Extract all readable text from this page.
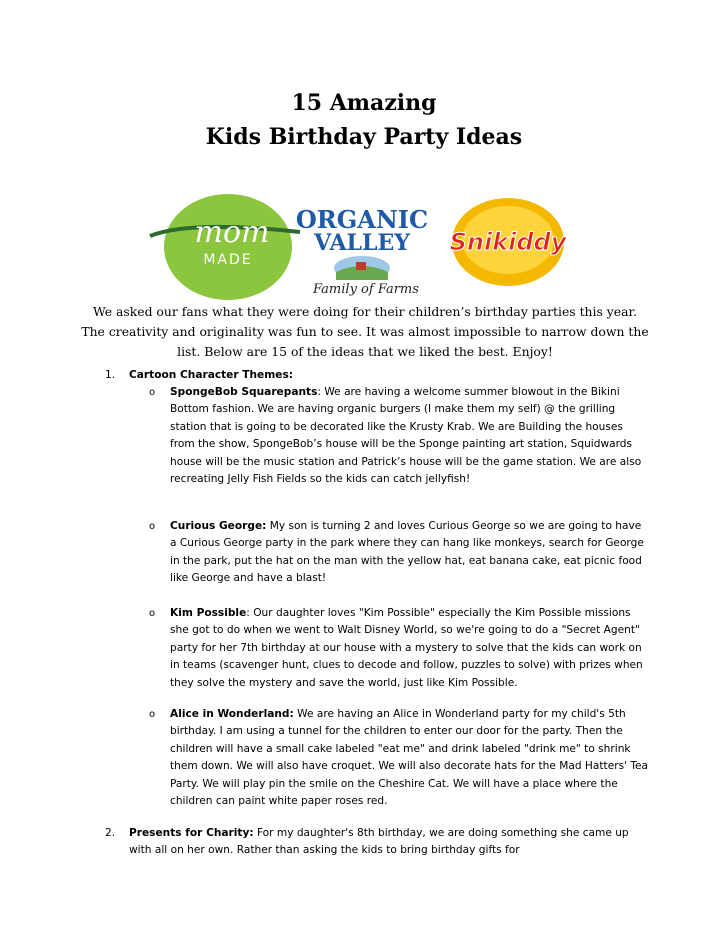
15 Amazing
Kids Birthday Party Ideas
mom
MADE
ORGANIC
VALLEY
Family of Farms
Snikiddy
We asked our fans what they were doing for their children’s birthday parties this year. The creativity and originality was fun to see. It was almost impossible to narrow down the list. Below are 15 of the ideas that we liked the best. Enjoy!
1.	Cartoon Character Themes:
o SpongeBob Squarepants: We are having a welcome summer blowout in the Bikini Bottom fashion. We are having organic burgers (I make them my self) @ the grilling station that is going to be decorated like the Krusty Krab. We are Building the houses from the show, SpongeBob’s house will be the Sponge painting art station, Squidwards house will be the music station and Patrick’s house will be the game station. We are also recreating Jelly Fish Fields so the kids can catch jellyfish!

o Curious George: My son is turning 2 and loves Curious George so we are going to have a Curious George party in the park where they can hang like monkeys, search for George in the park, put the hat on the man with the yellow hat, eat banana cake, eat picnic food like George and have a blast!

o Kim Possible: Our daughter loves "Kim Possible" especially the Kim Possible missions she got to do when we went to Walt Disney World, so we're going to do a "Secret Agent" party for her 7th birthday at our house with a mystery to solve that the kids can work on in teams (scavenger hunt, clues to decode and follow, puzzles to solve) with prizes when they solve the mystery and save the world, just like Kim Possible.

o Alice in Wonderland: We are having an Alice in Wonderland party for my child's 5th birthday. I am using a tunnel for the children to enter our door for the party. Then the children will have a small cake labeled "eat me" and drink labeled "drink me" to shrink them down. We will also have croquet. We will also decorate hats for the Mad Hatters' Tea Party. We will play pin the smile on the Cheshire Cat. We will have a place where the children can paint white paper roses red.

2.	Presents for Charity: For my daughter's 8th birthday, we are doing something she came up with all on her own. Rather than asking the kids to bring birthday gifts for
